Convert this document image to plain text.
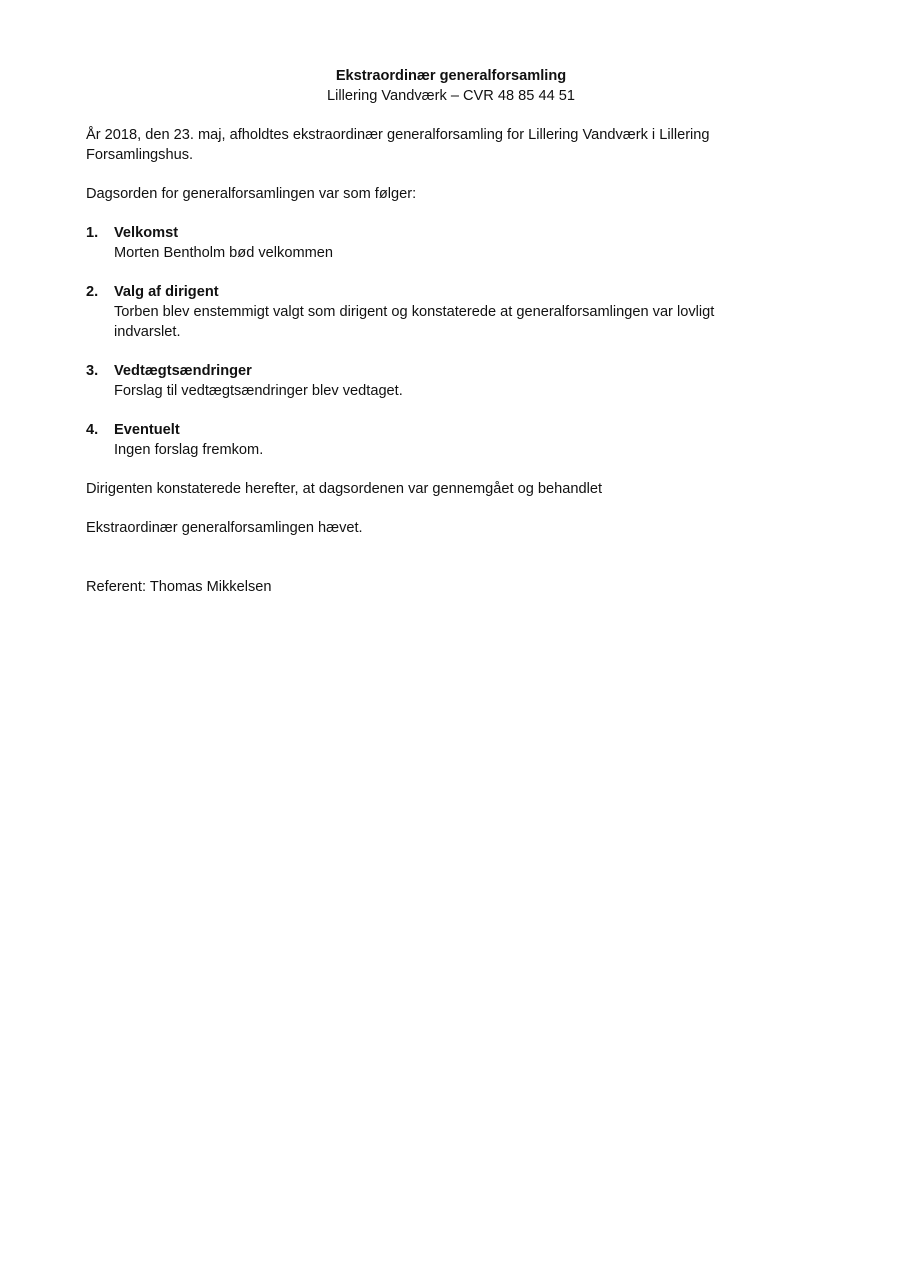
Ekstraordinær generalforsamling
Lillering Vandværk – CVR 48 85 44 51

År 2018, den 23. maj, afholdtes ekstraordinær generalforsamling for Lillering Vandværk i Lillering Forsamlingshus.

Dagsorden for generalforsamlingen var som følger:

1. Velkomst
Morten Bentholm bød velkommen
2. Valg af dirigent
Torben blev enstemmigt valgt som dirigent og konstaterede at generalforsamlingen var lovligt indvarslet.
3. Vedtægtsændringer
Forslag til vedtægtsændringer blev vedtaget.
4. Eventuelt
Ingen forslag fremkom.

Dirigenten konstaterede herefter, at dagsordenen var gennemgået og behandlet

Ekstraordinær generalforsamlingen hævet.

Referent: Thomas Mikkelsen
